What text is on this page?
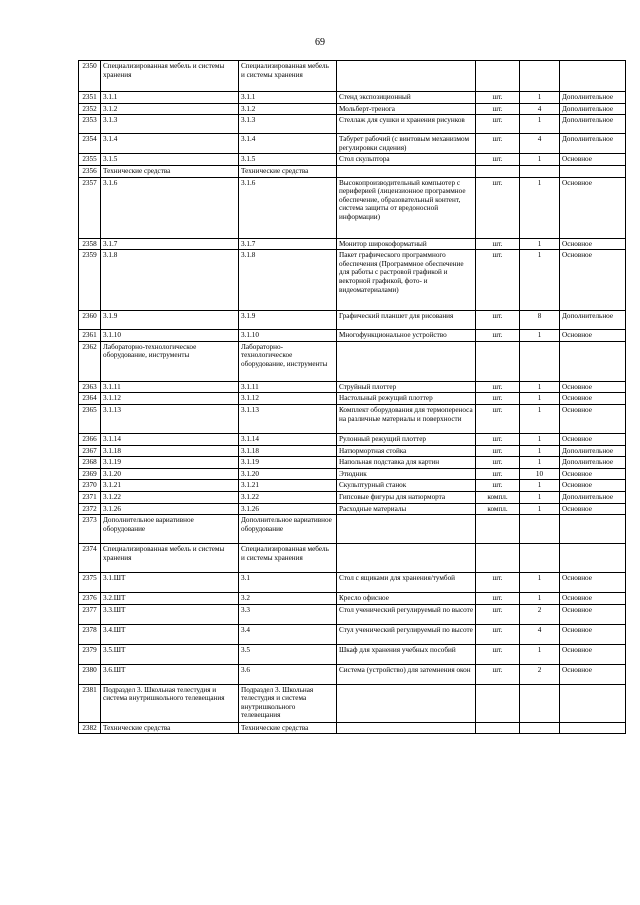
69
2350	Специализированная мебель и системы хранения	Специализированная мебель и системы хранения				
2351	3.1.1	3.1.1	Стенд экспозиционный	шт.	1	Дополнительное
2352	3.1.2	3.1.2	Мольберт-тренога	шт.	4	Дополнительное
2353	3.1.3	3.1.3	Стеллаж для сушки и хранения рисунков	шт.	1	Дополнительное
2354	3.1.4	3.1.4	Табурет рабочий (с винтовым механизмом регулировки сидения)	шт.	4	Дополнительное
2355	3.1.5	3.1.5	Стол скульптора	шт.	1	Основное
2356	Технические средства	Технические средства				
2357	3.1.6	3.1.6	Высокопроизводительный компьютер с периферией (лицензионное программное обеспечение, образовательный контент, система защиты от вредоносной информации)	шт.	1	Основное
2358	3.1.7	3.1.7	Монитор широкоформатный	шт.	1	Основное
2359	3.1.8	3.1.8	Пакет графического программного обеспечения (Программное обеспечение для работы с растровой графикой и векторной графикой, фото- и видеоматериалами)	шт.	1	Основное
2360	3.1.9	3.1.9	Графический планшет для рисования	шт.	8	Дополнительное
2361	3.1.10	3.1.10	Многофункциональное устройство	шт.	1	Основное
2362	Лабораторно-технологическое оборудование, инструменты	Лабораторно-технологическое оборудование, инструменты				
2363	3.1.11	3.1.11	Струйный плоттер	шт.	1	Основное
2364	3.1.12	3.1.12	Настольный режущий плоттер	шт.	1	Основное
2365	3.1.13	3.1.13	Комплект оборудования для термопереноса на различные материалы и поверхности	шт.	1	Основное
2366	3.1.14	3.1.14	Рулонный режущий плоттер	шт.	1	Основное
2367	3.1.18	3.1.18	Натюрмортная стойка	шт.	1	Дополнительное
2368	3.1.19	3.1.19	Напольная подставка для картин	шт.	1	Дополнительное
2369	3.1.20	3.1.20	Этюдник	шт.	10	Основное
2370	3.1.21	3.1.21	Скульптурный станок	шт.	1	Основное
2371	3.1.22	3.1.22	Гипсовые фигуры для натюрморта	компл.	1	Дополнительное
2372	3.1.26	3.1.26	Расходные материалы	компл.	1	Основное
2373	Дополнительное вариативное оборудование	Дополнительное вариативное оборудование				
2374	Специализированная мебель и системы хранения	Специализированная мебель и системы хранения				
2375	3.1.ШТ	3.1	Стол с ящиками для хранения/тумбой	шт.	1	Основное
2376	3.2.ШТ	3.2	Кресло офисное	шт.	1	Основное
2377	3.3.ШТ	3.3	Стол ученический регулируемый по высоте	шт.	2	Основное
2378	3.4.ШТ	3.4	Стул ученический регулируемый по высоте	шт.	4	Основное
2379	3.5.ШТ	3.5	Шкаф для хранения учебных пособий	шт.	1	Основное
2380	3.6.ШТ	3.6	Система (устройство) для затемнения окон	шт.	2	Основное
2381	Подраздел 3. Школьная телестудия и система внутришкольного телевещания	Подраздел 3. Школьная телестудия и система внутришкольного телевещания				
2382	Технические средства	Технические средства				
